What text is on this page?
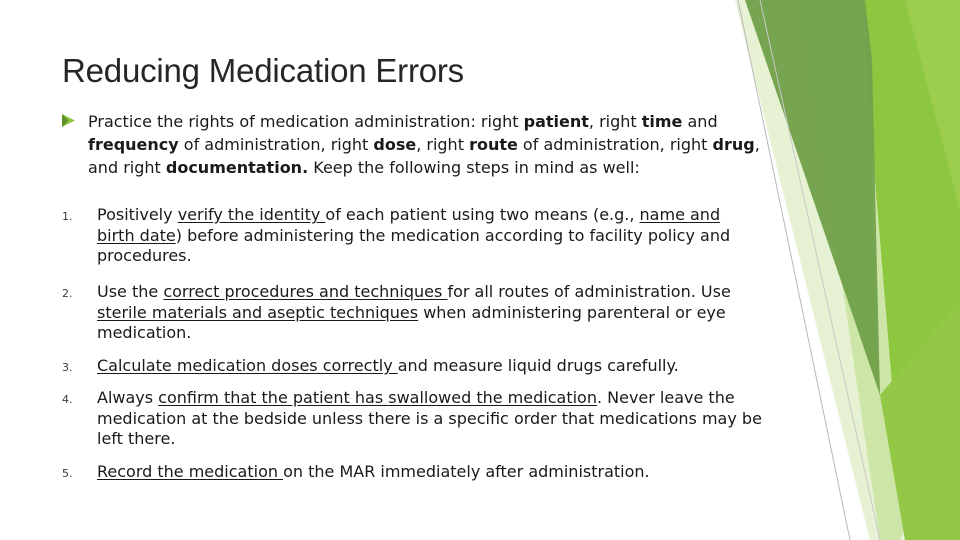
Reducing Medication Errors
Practice the rights of medication administration: right patient, right time and frequency of administration, right dose, right route of administration, right drug, and right documentation. Keep the following steps in mind as well:
1. Positively verify the identity of each patient using two means (e.g., name and birth date) before administering the medication according to facility policy and procedures.
2. Use the correct procedures and techniques for all routes of administration. Use sterile materials and aseptic techniques when administering parenteral or eye medication.
3. Calculate medication doses correctly and measure liquid drugs carefully.
4. Always confirm that the patient has swallowed the medication. Never leave the medication at the bedside unless there is a specific order that medications may be left there.
5. Record the medication on the MAR immediately after administration.
